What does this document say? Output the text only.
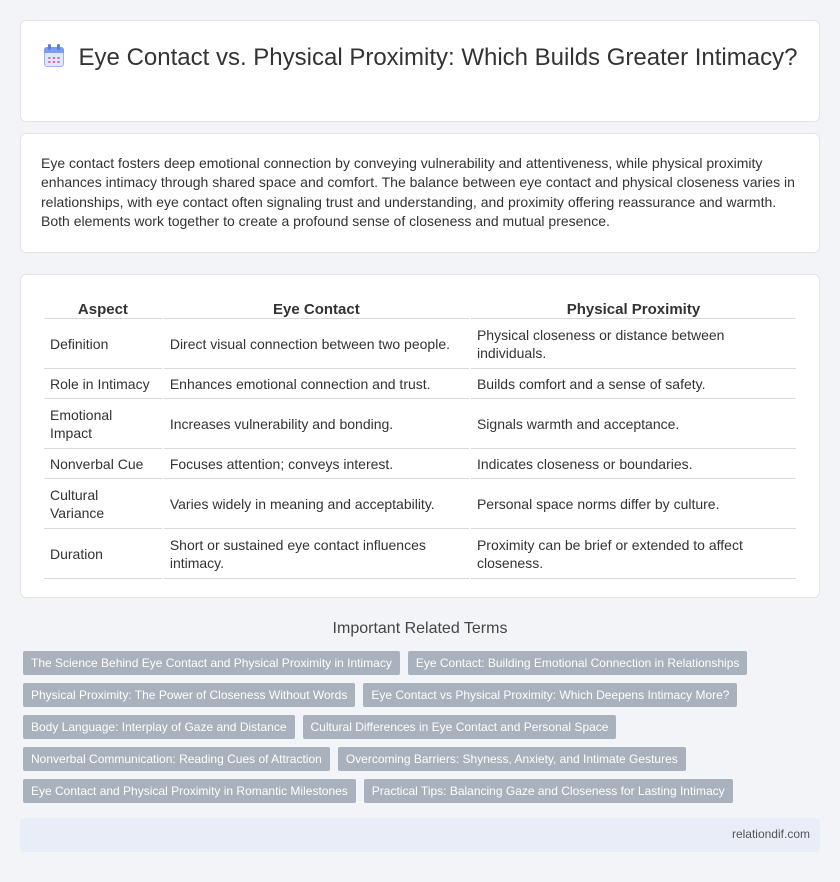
Eye Contact vs. Physical Proximity: Which Builds Greater Intimacy?

Eye contact fosters deep emotional connection by conveying vulnerability and attentiveness, while physical proximity enhances intimacy through shared space and comfort. The balance between eye contact and physical closeness varies in relationships, with eye contact often signaling trust and understanding, and proximity offering reassurance and warmth. Both elements work together to create a profound sense of closeness and mutual presence.

Aspect	Eye Contact	Physical Proximity
Definition	Direct visual connection between two people.	Physical closeness or distance between individuals.
Role in Intimacy	Enhances emotional connection and trust.	Builds comfort and a sense of safety.
Emotional Impact	Increases vulnerability and bonding.	Signals warmth and acceptance.
Nonverbal Cue	Focuses attention; conveys interest.	Indicates closeness or boundaries.
Cultural Variance	Varies widely in meaning and acceptability.	Personal space norms differ by culture.
Duration	Short or sustained eye contact influences intimacy.	Proximity can be brief or extended to affect closeness.
Important Related Terms
The Science Behind Eye Contact and Physical Proximity in Intimacy	Eye Contact: Building Emotional Connection in Relationships
Physical Proximity: The Power of Closeness Without Words	Eye Contact vs Physical Proximity: Which Deepens Intimacy More?
Body Language: Interplay of Gaze and Distance	Cultural Differences in Eye Contact and Personal Space
Nonverbal Communication: Reading Cues of Attraction	Overcoming Barriers: Shyness, Anxiety, and Intimate Gestures
Eye Contact and Physical Proximity in Romantic Milestones	Practical Tips: Balancing Gaze and Closeness for Lasting Intimacy
relationdif.com
